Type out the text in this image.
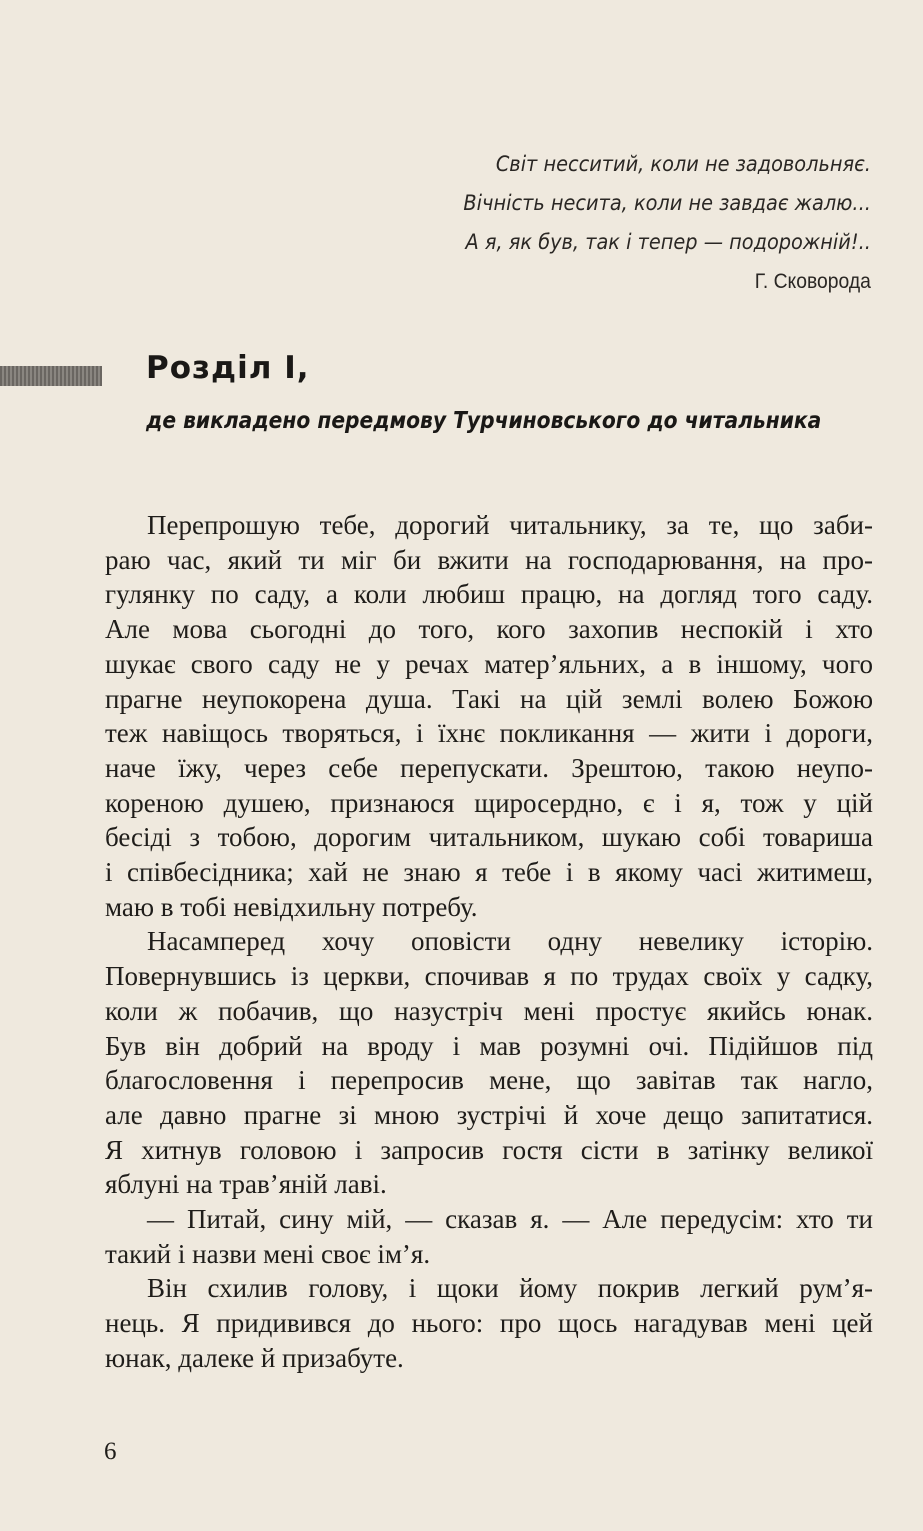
Світ несситий, коли не задовольняє.
Вічність несита, коли не завдає жалю...
А я, як був, так і тепер — подорожній!..
Г. Сковорода
Розділ I,
де викладено передмову Турчиновського до читальника
Перепрошую тебе, дорогий читальнику, за те, що заби-
раю час, який ти міг би вжити на господарювання, на про-
гулянку по саду, а коли любиш працю, на догляд того саду.
Але мова сьогодні до того, кого захопив неспокій і хто
шукає свого саду не у речах матер’яльних, а в іншому, чого
прагне неупокорена душа. Такі на цій землі волею Божою
теж навіщось творяться, і їхнє покликання — жити і дороги,
наче їжу, через себе перепускати. Зрештою, такою неупо-
кореною душею, признаюся щиросердно, є і я, тож у цій
бесіді з тобою, дорогим читальником, шукаю собі товариша
і співбесідника; хай не знаю я тебе і в якому часі житимеш,
маю в тобі невідхильну потребу.
Насамперед хочу оповісти одну невелику історію.
Повернувшись із церкви, спочивав я по трудах своїх у садку,
коли ж побачив, що назустріч мені простує якийсь юнак.
Був він добрий на вроду і мав розумні очі. Підійшов під
благословення і перепросив мене, що завітав так нагло,
але давно прагне зі мною зустрічі й хоче дещо запитатися.
Я хитнув головою і запросив гостя сісти в затінку великої
яблуні на трав’яній лаві.
— Питай, сину мій, — сказав я. — Але передусім: хто ти
такий і назви мені своє ім’я.
Він схилив голову, і щоки йому покрив легкий рум’я-
нець. Я придивився до нього: про щось нагадував мені цей
юнак, далеке й призабуте.
6
